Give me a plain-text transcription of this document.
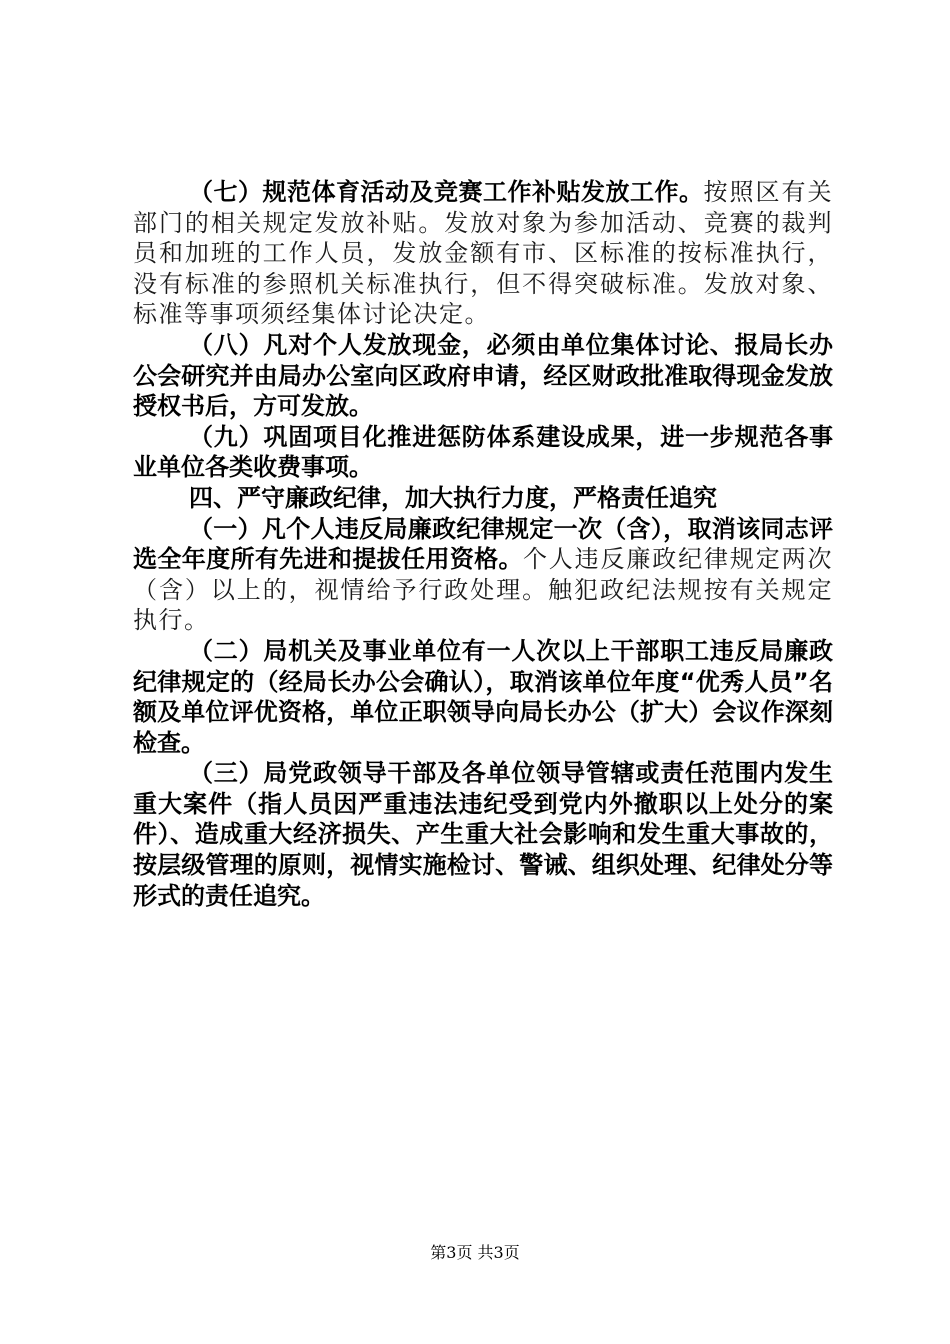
（七）规范体育活动及竞赛工作补贴发放工作。按照区有关部门的相关规定发放补贴。发放对象为参加活动、竞赛的裁判员和加班的工作人员，发放金额有市、区标准的按标准执行，没有标准的参照机关标准执行，但不得突破标准。发放对象、标准等事项须经集体讨论决定。

（八）凡对个人发放现金，必须由单位集体讨论、报局长办公会研究并由局办公室向区政府申请，经区财政批准取得现金发放授权书后，方可发放。

（九）巩固项目化推进惩防体系建设成果，进一步规范各事业单位各类收费事项。

四、严守廉政纪律，加大执行力度，严格责任追究

（一）凡个人违反局廉政纪律规定一次（含），取消该同志评选全年度所有先进和提拔任用资格。个人违反廉政纪律规定两次（含）以上的，视情给予行政处理。触犯政纪法规按有关规定执行。

（二）局机关及事业单位有一人次以上干部职工违反局廉政纪律规定的（经局长办公会确认），取消该单位年度“优秀人员”名额及单位评优资格，单位正职领导向局长办公（扩大）会议作深刻检查。

（三）局党政领导干部及各单位领导管辖或责任范围内发生重大案件（指人员因严重违法违纪受到党内外撤职以上处分的案件）、造成重大经济损失、产生重大社会影响和发生重大事故的，按层级管理的原则，视情实施检讨、警诫、组织处理、纪律处分等形式的责任追究。

第3页 共3页
